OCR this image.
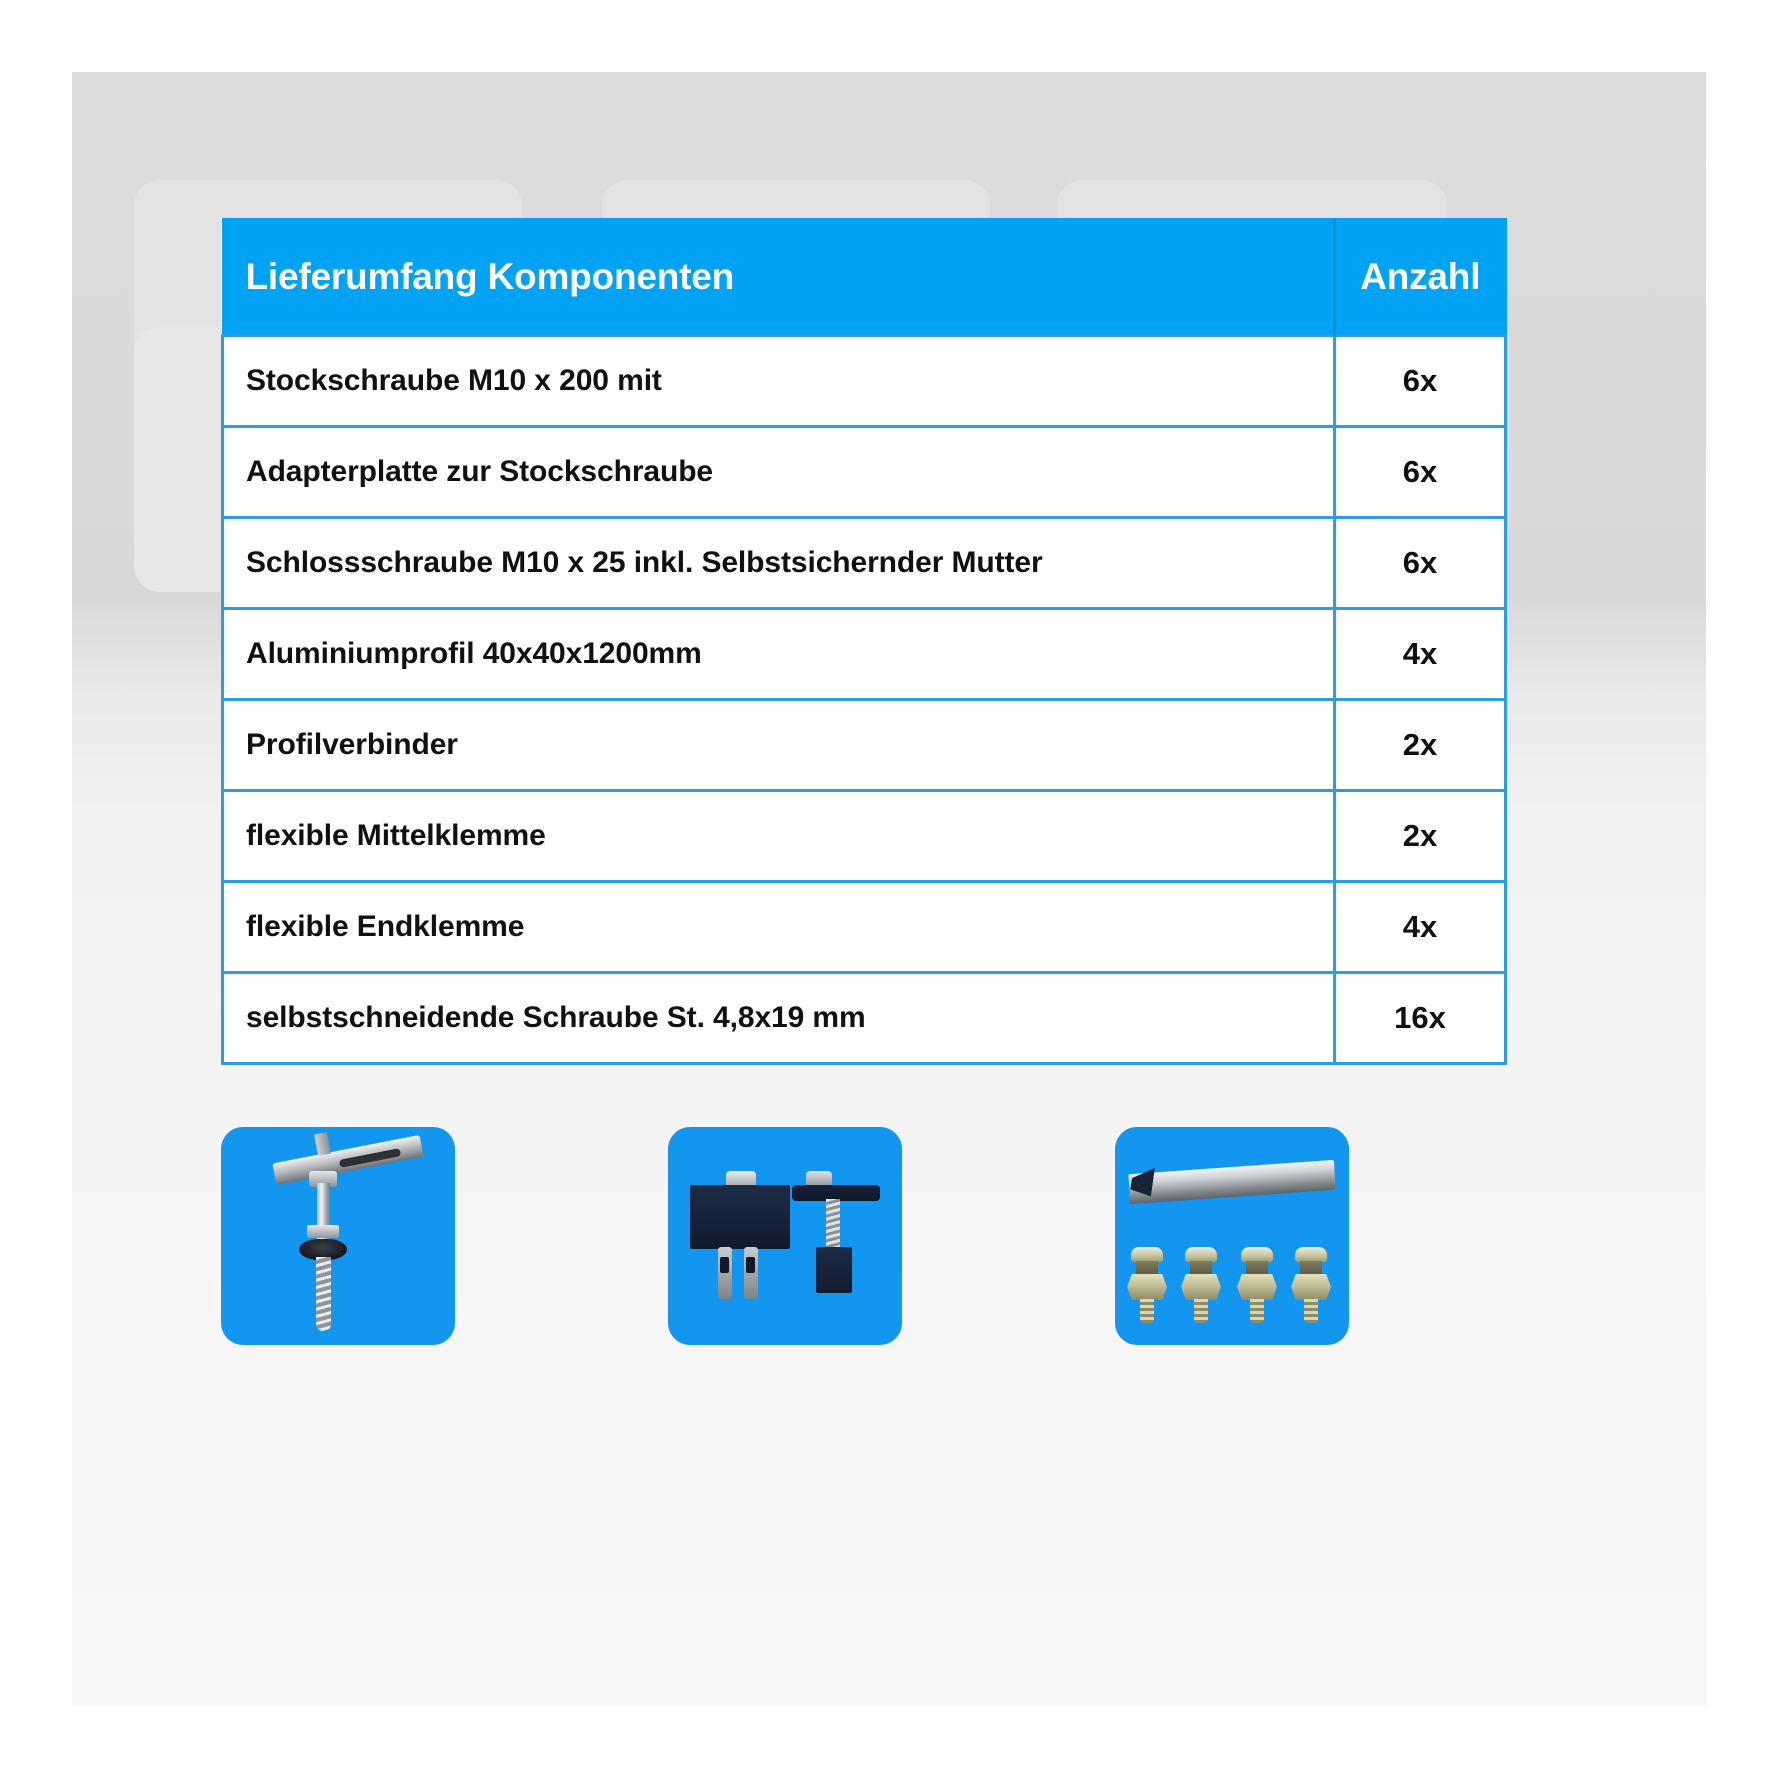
Lieferumfang Komponenten	Anzahl
Stockschraube M10 x 200 mit	6x
Adapterplatte zur Stockschraube	6x
Schlossschraube M10 x 25 inkl. Selbstsichernder Mutter	6x
Aluminiumprofil 40x40x1200mm	4x
Profilverbinder	2x
flexible Mittelklemme	2x
flexible Endklemme	4x
selbstschneidende Schraube St. 4,8x19 mm	16x
